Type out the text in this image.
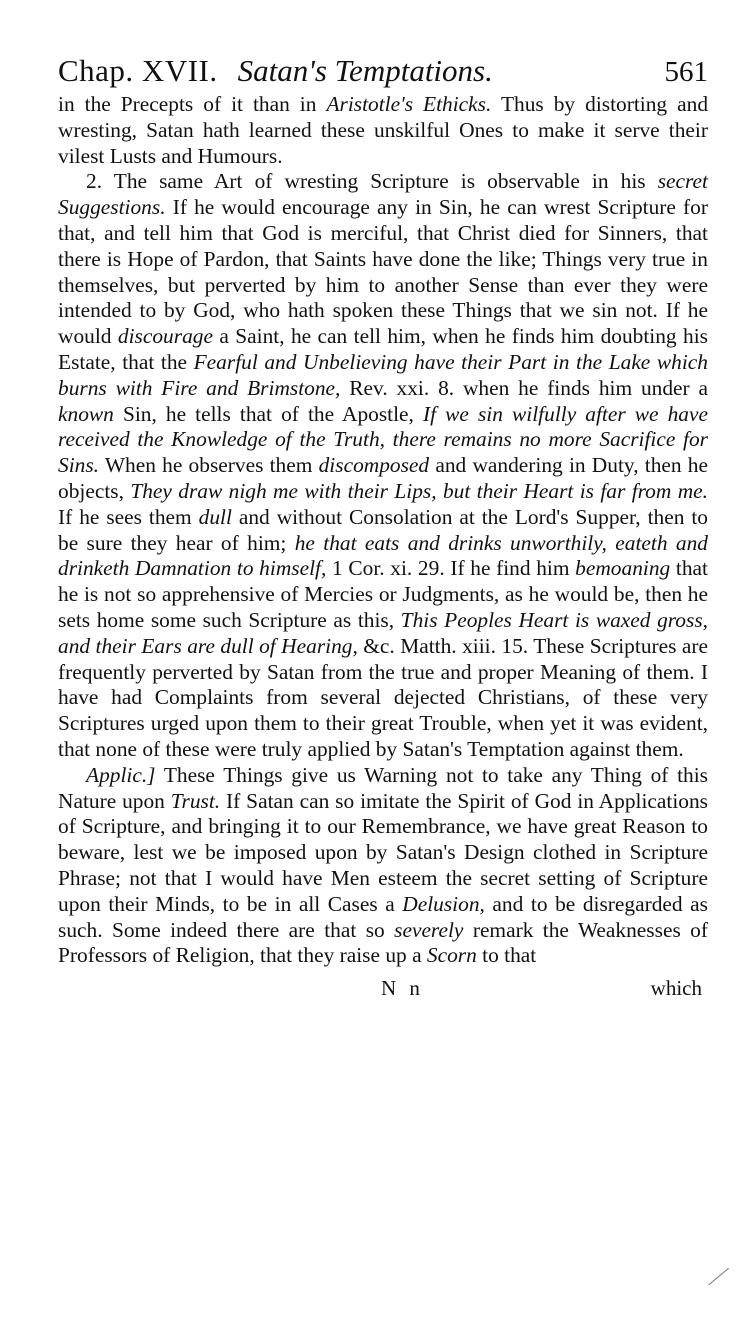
Chap. XVII. Satan's Temptations.	561

in the Precepts of it than in Aristotle's Ethicks. Thus by distorting and wresting, Satan hath learned these unskilful Ones to make it serve their vilest Lusts and Humours.

2. The same Art of wresting Scripture is observable in his secret Suggestions. If he would encourage any in Sin, he can wrest Scripture for that, and tell him that God is merciful, that Christ died for Sinners, that there is Hope of Pardon, that Saints have done the like; Things very true in themselves, but perverted by him to another Sense than ever they were intended to by God, who hath spoken these Things that we sin not. If he would discourage a Saint, he can tell him, when he finds him doubting his Estate, that the Fearful and Unbelieving have their Part in the Lake which burns with Fire and Brimstone, Rev. xxi. 8. when he finds him under a known Sin, he tells that of the Apostle, If we sin wilfully after we have received the Knowledge of the Truth, there remains no more Sacrifice for Sins. When he observes them discomposed and wandering in Duty, then he objects, They draw nigh me with their Lips, but their Heart is far from me. If he sees them dull and without Consolation at the Lord's Supper, then to be sure they hear of him; he that eats and drinks unworthily, eateth and drinketh Damnation to himself, 1 Cor. xi. 29. If he find him bemoaning that he is not so apprehensive of Mercies or Judgments, as he would be, then he sets home some such Scripture as this, This Peoples Heart is waxed gross, and their Ears are dull of Hearing, &c. Matth. xiii. 15. These Scriptures are frequently perverted by Satan from the true and proper Meaning of them. I have had Complaints from several dejected Christians, of these very Scriptures urged upon them to their great Trouble, when yet it was evident, that none of these were truly applied by Satan's Temptation against them.

Applic.] These Things give us Warning not to take any Thing of this Nature upon Trust. If Satan can so imitate the Spirit of God in Applications of Scripture, and bringing it to our Remembrance, we have great Reason to beware, lest we be imposed upon by Satan's Design clothed in Scripture Phrase; not that I would have Men esteem the secret setting of Scripture upon their Minds, to be in all Cases a Delusion, and to be disregarded as such. Some indeed there are that so severely remark the Weaknesses of Professors of Religion, that they raise up a Scorn to that

N n	which
